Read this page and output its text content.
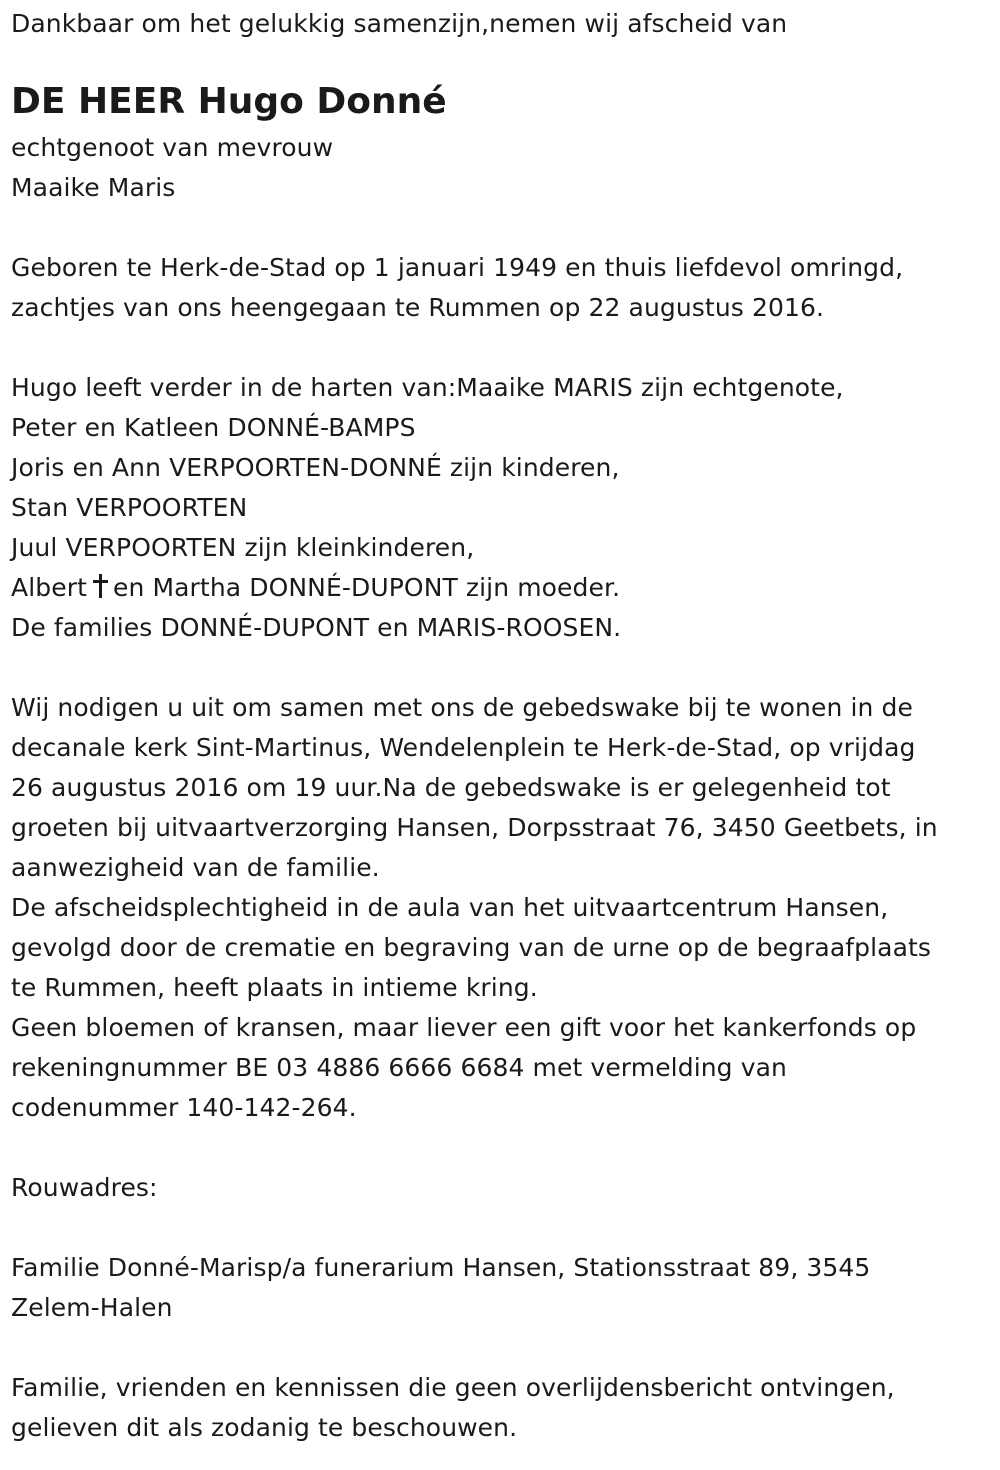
Dankbaar om het gelukkig samenzijn,nemen wij afscheid van
DE HEER Hugo Donné
echtgenoot van mevrouw
Maaike Maris
Geboren te Herk-de-Stad op 1 januari 1949 en thuis liefdevol omringd,
zachtjes van ons heengegaan te Rummen op 22 augustus 2016.
Hugo leeft verder in de harten van:Maaike MARIS zijn echtgenote,
Peter en Katleen DONNÉ-BAMPS
Joris en Ann VERPOORTEN-DONNÉ zijn kinderen,
Stan VERPOORTEN
Juul VERPOORTEN zijn kleinkinderen,
Albert en Martha DONNÉ-DUPONT zijn moeder.
De families DONNÉ-DUPONT en MARIS-ROOSEN.
Wij nodigen u uit om samen met ons de gebedswake bij te wonen in de
decanale kerk Sint-Martinus, Wendelenplein te Herk-de-Stad, op vrijdag
26 augustus 2016 om 19 uur.Na de gebedswake is er gelegenheid tot
groeten bij uitvaartverzorging Hansen, Dorpsstraat 76, 3450 Geetbets, in
aanwezigheid van de familie.
De afscheidsplechtigheid in de aula van het uitvaartcentrum Hansen,
gevolgd door de crematie en begraving van de urne op de begraafplaats
te Rummen, heeft plaats in intieme kring.
Geen bloemen of kransen, maar liever een gift voor het kankerfonds op
rekeningnummer BE 03 4886 6666 6684 met vermelding van
codenummer 140-142-264.
Rouwadres:
Familie Donné-Marisp/a funerarium Hansen, Stationsstraat 89, 3545
Zelem-Halen
Familie, vrienden en kennissen die geen overlijdensbericht ontvingen,
gelieven dit als zodanig te beschouwen.
